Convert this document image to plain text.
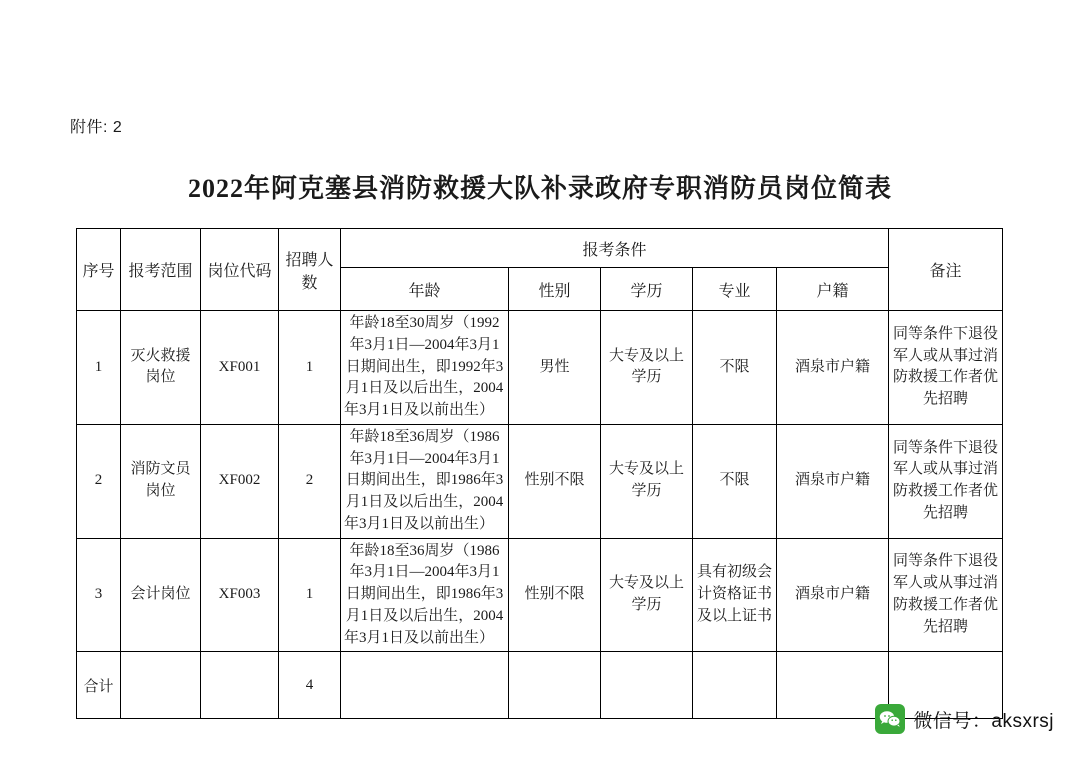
附件: 2
2022年阿克塞县消防救援大队补录政府专职消防员岗位简表
序号	报考范围	岗位代码	招聘人数	报考条件					备注
				年龄	性别	学历	专业	户籍	
1	灭火救援岗位	XF001	1	年龄18至30周岁（1992年3月1日—2004年3月1日期间出生，即1992年3月1日及以后出生，2004年3月1日及以前出生）	男性	大专及以上学历	不限	酒泉市户籍	同等条件下退役军人或从事过消防救援工作者优先招聘
2	消防文员岗位	XF002	2	年龄18至36周岁（1986年3月1日—2004年3月1日期间出生，即1986年3月1日及以后出生，2004年3月1日及以前出生）	性别不限	大专及以上学历	不限	酒泉市户籍	同等条件下退役军人或从事过消防救援工作者优先招聘
3	会计岗位	XF003	1	年龄18至36周岁（1986年3月1日—2004年3月1日期间出生，即1986年3月1日及以后出生，2004年3月1日及以前出生）	性别不限	大专及以上学历	具有初级会计资格证书及以上证书	酒泉市户籍	同等条件下退役军人或从事过消防救援工作者优先招聘
合计			4						
微信号：aksxrsj
